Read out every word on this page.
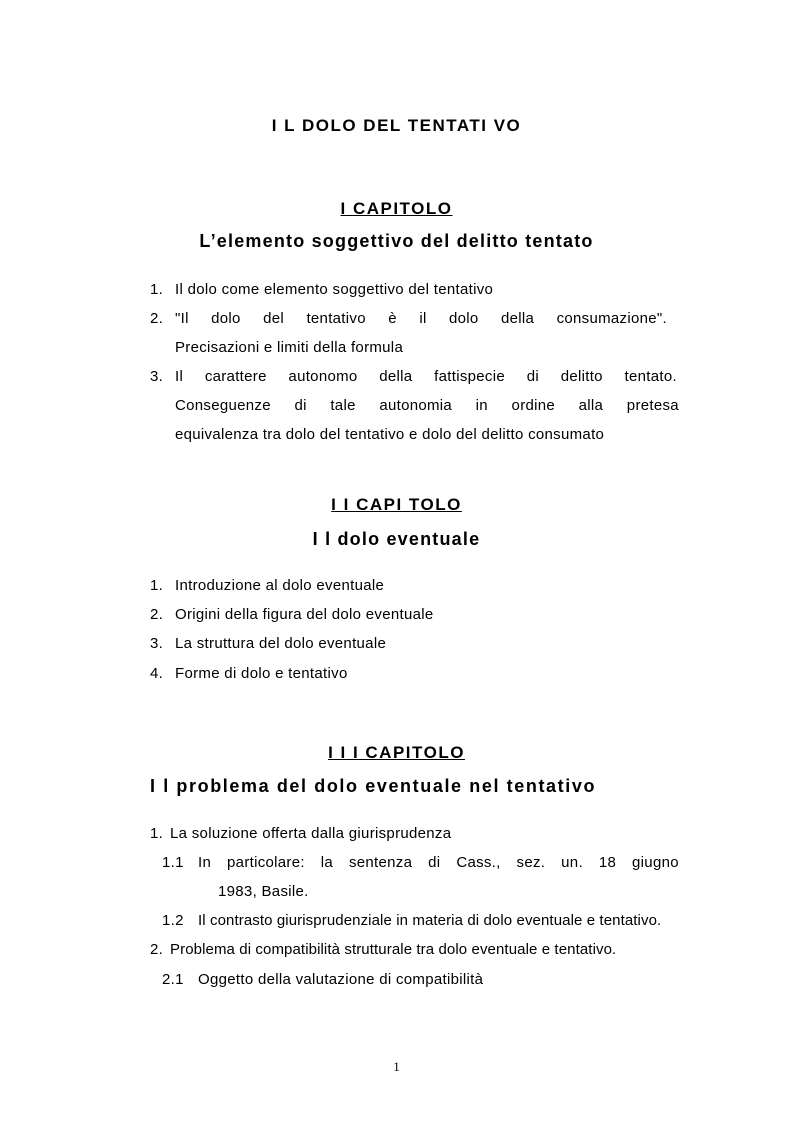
I L DOLO DEL TENTATI VO
I CAPITOLO
L’elemento soggettivo del delitto tentato
1. Il dolo come elemento soggettivo del tentativo
2. "Il dolo del tentativo è il dolo della consumazione".
Precisazioni e limiti della formula
3. Il carattere autonomo della fattispecie di delitto tentato.
Conseguenze di tale autonomia in ordine alla pretesa
equivalenza tra dolo del tentativo e dolo del delitto consumato
I I CAPI TOLO
I l dolo eventuale
1. Introduzione al dolo eventuale
2. Origini della figura del dolo eventuale
3. La struttura del dolo eventuale
4. Forme di dolo e tentativo
I I I CAPITOLO
I l problema del dolo eventuale nel tentativo
1. La soluzione offerta dalla giurisprudenza
1.1 In particolare: la sentenza di Cass., sez. un. 18 giugno
1983, Basile.
1.2 Il contrasto giurisprudenziale in materia di dolo eventuale e tentativo.
2. Problema di compatibilità strutturale tra dolo eventuale e tentativo.
2.1 Oggetto della valutazione di compatibilità
1
